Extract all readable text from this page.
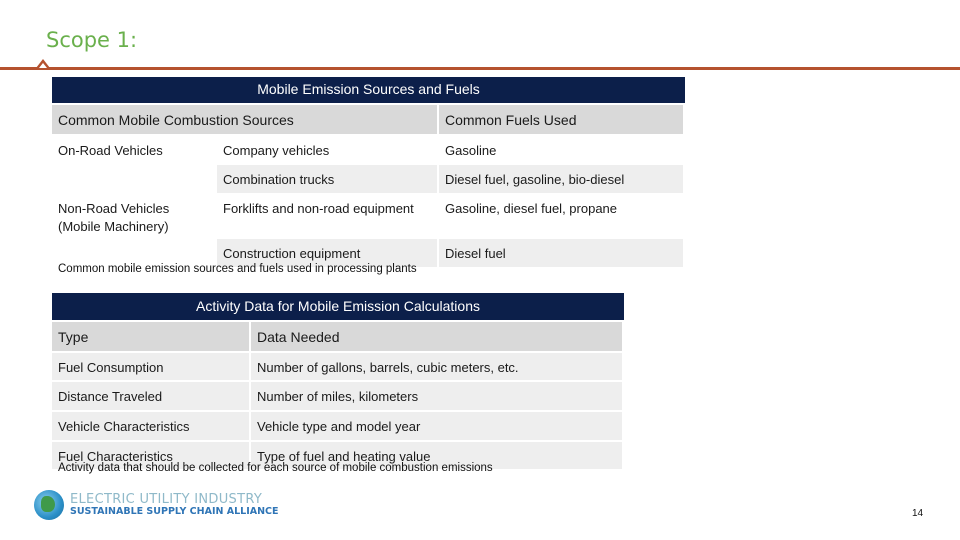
Scope 1:
Mobile Emission Sources and Fuels		
Common Mobile Combustion Sources		Common Fuels Used
On-Road Vehicles	Company vehicles	Gasoline
	Combination trucks	Diesel fuel, gasoline, bio-diesel
Non-Road Vehicles (Mobile Machinery)	Forklifts and non-road equipment	Gasoline, diesel fuel, propane
	Construction equipment	Diesel fuel
Common mobile emission sources and fuels used in processing plants
Activity Data for Mobile Emission Calculations	
Type	Data Needed
Fuel Consumption	Number of gallons, barrels, cubic meters, etc.
Distance Traveled	Number of miles, kilometers
Vehicle Characteristics	Vehicle type and model year
Fuel Characteristics	Type of fuel and heating value
Activity data that should be collected for each source of mobile combustion emissions
ELECTRIC UTILITY INDUSTRY
SUSTAINABLE SUPPLY CHAIN ALLIANCE	14
